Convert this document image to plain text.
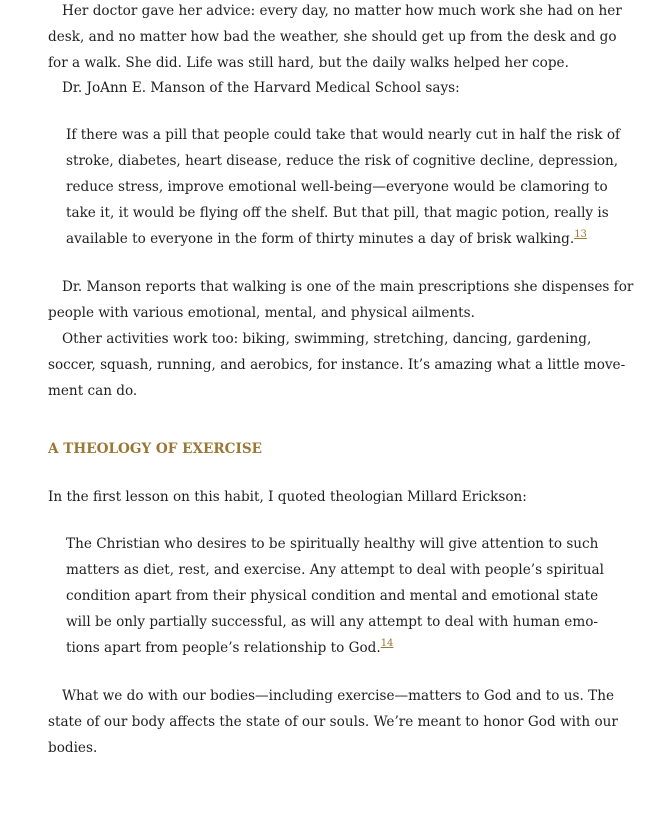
Her doctor gave her advice: every day, no matter how much work she had on her
desk, and no matter how bad the weather, she should get up from the desk and go
for a walk. She did. Life was still hard, but the daily walks helped her cope.
Dr. JoAnn E. Manson of the Harvard Medical School says:
If there was a pill that people could take that would nearly cut in half the risk of
stroke, diabetes, heart disease, reduce the risk of cognitive decline, depression,
reduce stress, improve emotional well-being—everyone would be clamoring to
take it, it would be flying off the shelf. But that pill, that magic potion, really is
available to everyone in the form of thirty minutes a day of brisk walking.$^{13}$
Dr. Manson reports that walking is one of the main prescriptions she dispenses for
people with various emotional, mental, and physical ailments.
Other activities work too: biking, swimming, stretching, dancing, gardening,
soccer, squash, running, and aerobics, for instance. It’s amazing what a little move-
ment can do.
A THEOLOGY OF EXERCISE
In the first lesson on this habit, I quoted theologian Millard Erickson:
The Christian who desires to be spiritually healthy will give attention to such
matters as diet, rest, and exercise. Any attempt to deal with people’s spiritual
condition apart from their physical condition and mental and emotional state
will be only partially successful, as will any attempt to deal with human emo-
tions apart from people’s relationship to God.$^{14}$
What we do with our bodies—including exercise—matters to God and to us. The
state of our body affects the state of our souls. We’re meant to honor God with our
bodies.
